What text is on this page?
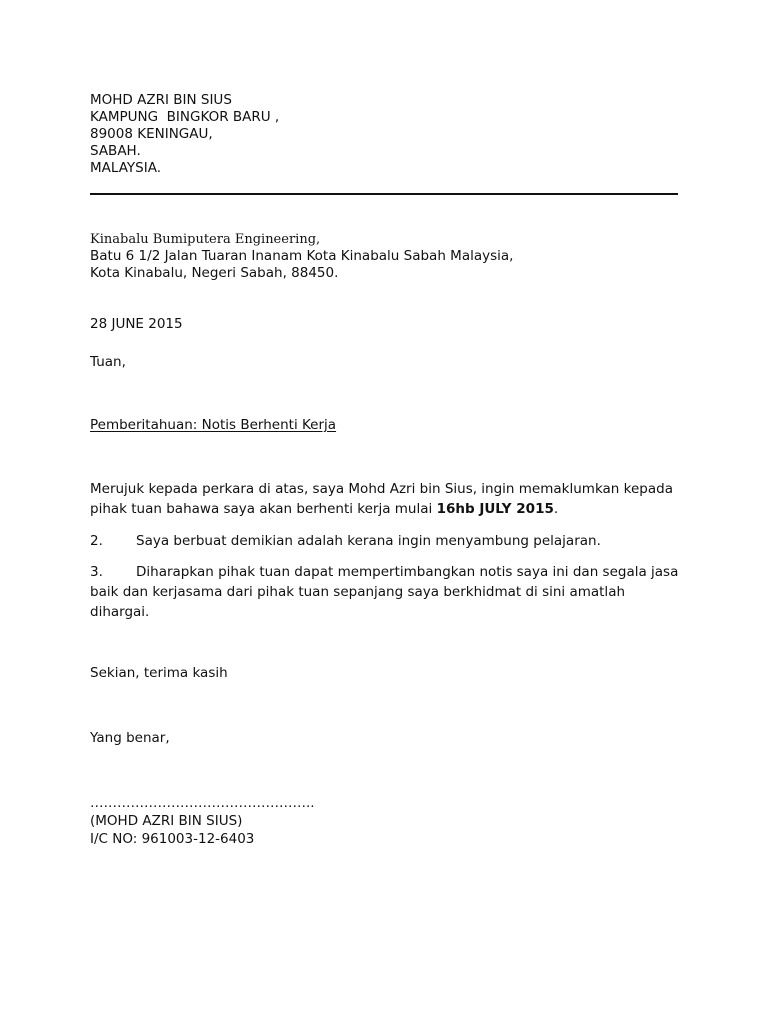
MOHD AZRI BIN SIUS
KAMPUNG  BINGKOR BARU ,
89008 KENINGAU,
SABAH.
MALAYSIA.
Kinabalu Bumiputera Engineering,
Batu 6 1/2 Jalan Tuaran Inanam Kota Kinabalu Sabah Malaysia,
Kota Kinabalu, Negeri Sabah, 88450.
28 JUNE 2015
Tuan,
Pemberitahuan: Notis Berhenti Kerja
Merujuk kepada perkara di atas, saya Mohd Azri bin Sius, ingin memaklumkan kepada pihak tuan bahawa saya akan berhenti kerja mulai 16hb JULY 2015.
2. Saya berbuat demikian adalah kerana ingin menyambung pelajaran.
3. Diharapkan pihak tuan dapat mempertimbangkan notis saya ini dan segala jasa baik dan kerjasama dari pihak tuan sepanjang saya berkhidmat di sini amatlah dihargai.
Sekian, terima kasih
Yang benar,
…………………………………………..
(MOHD AZRI BIN SIUS)
I/C NO: 961003-12-6403
